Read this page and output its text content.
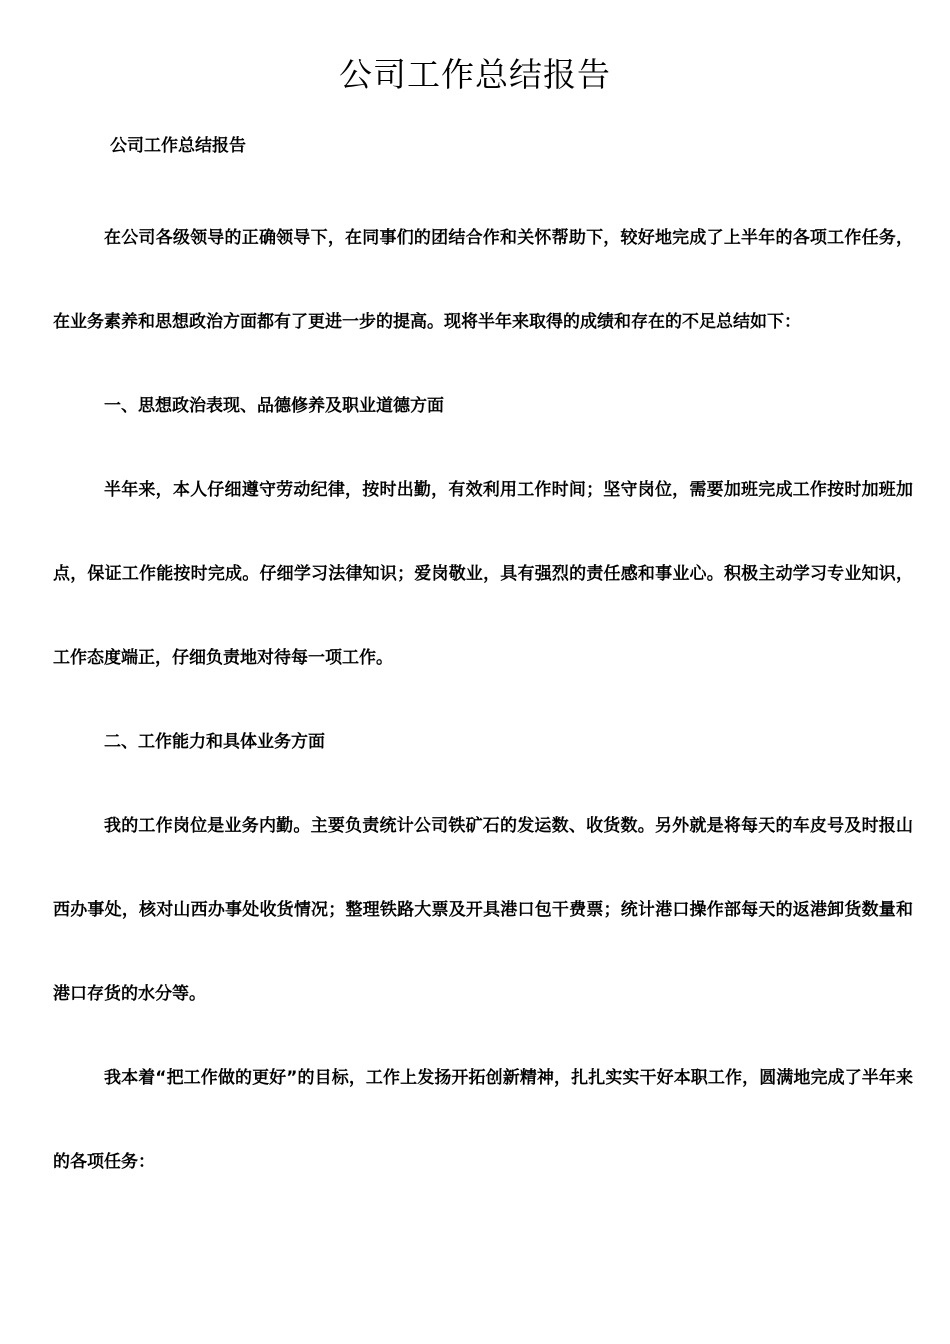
公司工作总结报告
公司工作总结报告

在公司各级领导的正确领导下，在同事们的团结合作和关怀帮助下，较好地完成了上半年的各项工作任务，在业务素养和思想政治方面都有了更进一步的提高。现将半年来取得的成绩和存在的不足总结如下：

一、思想政治表现、品德修养及职业道德方面

半年来，本人仔细遵守劳动纪律，按时出勤，有效利用工作时间；坚守岗位，需要加班完成工作按时加班加点，保证工作能按时完成。仔细学习法律知识；爱岗敬业，具有强烈的责任感和事业心。积极主动学习专业知识，工作态度端正，仔细负责地对待每一项工作。

二、工作能力和具体业务方面

我的工作岗位是业务内勤。主要负责统计公司铁矿石的发运数、收货数。另外就是将每天的车皮号及时报山西办事处，核对山西办事处收货情况；整理铁路大票及开具港口包干费票；统计港口操作部每天的返港卸货数量和港口存货的水分等。

我本着“把工作做的更好”的目标，工作上发扬开拓创新精神，扎扎实实干好本职工作，圆满地完成了半年来的各项任务：
